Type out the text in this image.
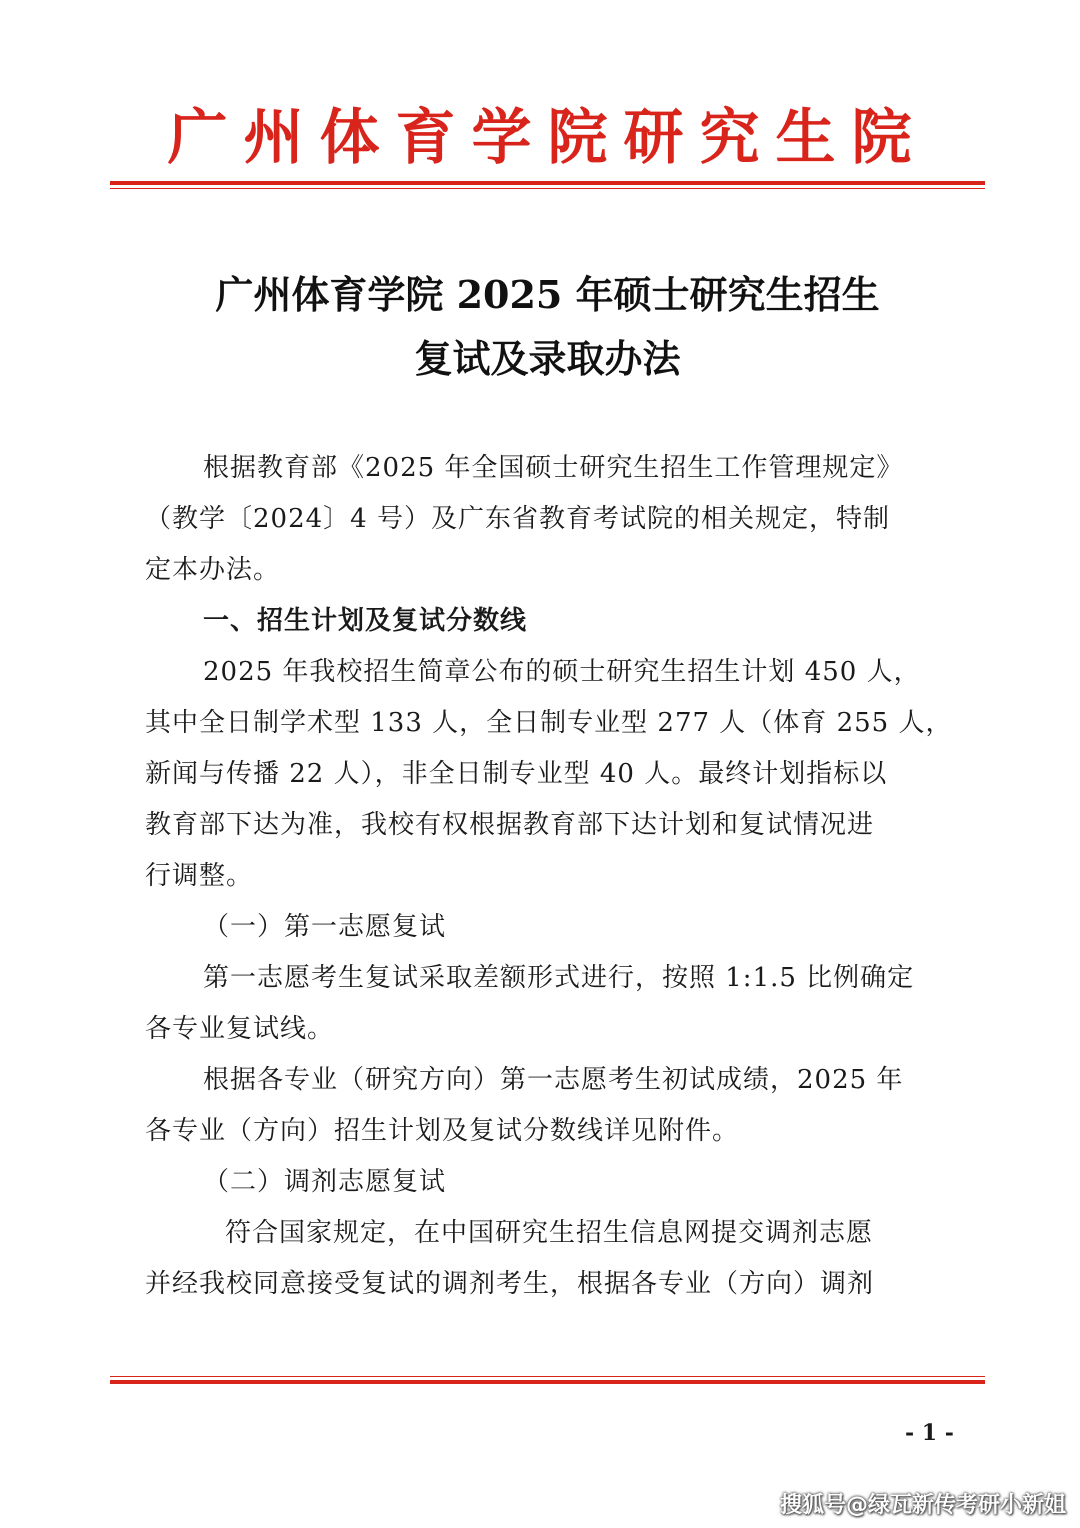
广州体育学院研究生院
广州体育学院 2025 年硕士研究生招生
复试及录取办法
根据教育部《2025 年全国硕士研究生招生工作管理规定》
（教学〔2024〕4 号）及广东省教育考试院的相关规定，特制
定本办法。
一、招生计划及复试分数线
2025 年我校招生简章公布的硕士研究生招生计划 450 人，
其中全日制学术型 133 人，全日制专业型 277 人（体育 255 人，
新闻与传播 22 人），非全日制专业型 40 人。最终计划指标以
教育部下达为准，我校有权根据教育部下达计划和复试情况进
行调整。
（一）第一志愿复试
第一志愿考生复试采取差额形式进行，按照 1:1.5 比例确定
各专业复试线。
根据各专业（研究方向）第一志愿考生初试成绩，2025 年
各专业（方向）招生计划及复试分数线详见附件。
（二）调剂志愿复试
符合国家规定，在中国研究生招生信息网提交调剂志愿
并经我校同意接受复试的调剂考生，根据各专业（方向）调剂
- 1 -
搜狐号@绿瓦新传考研小新姐
